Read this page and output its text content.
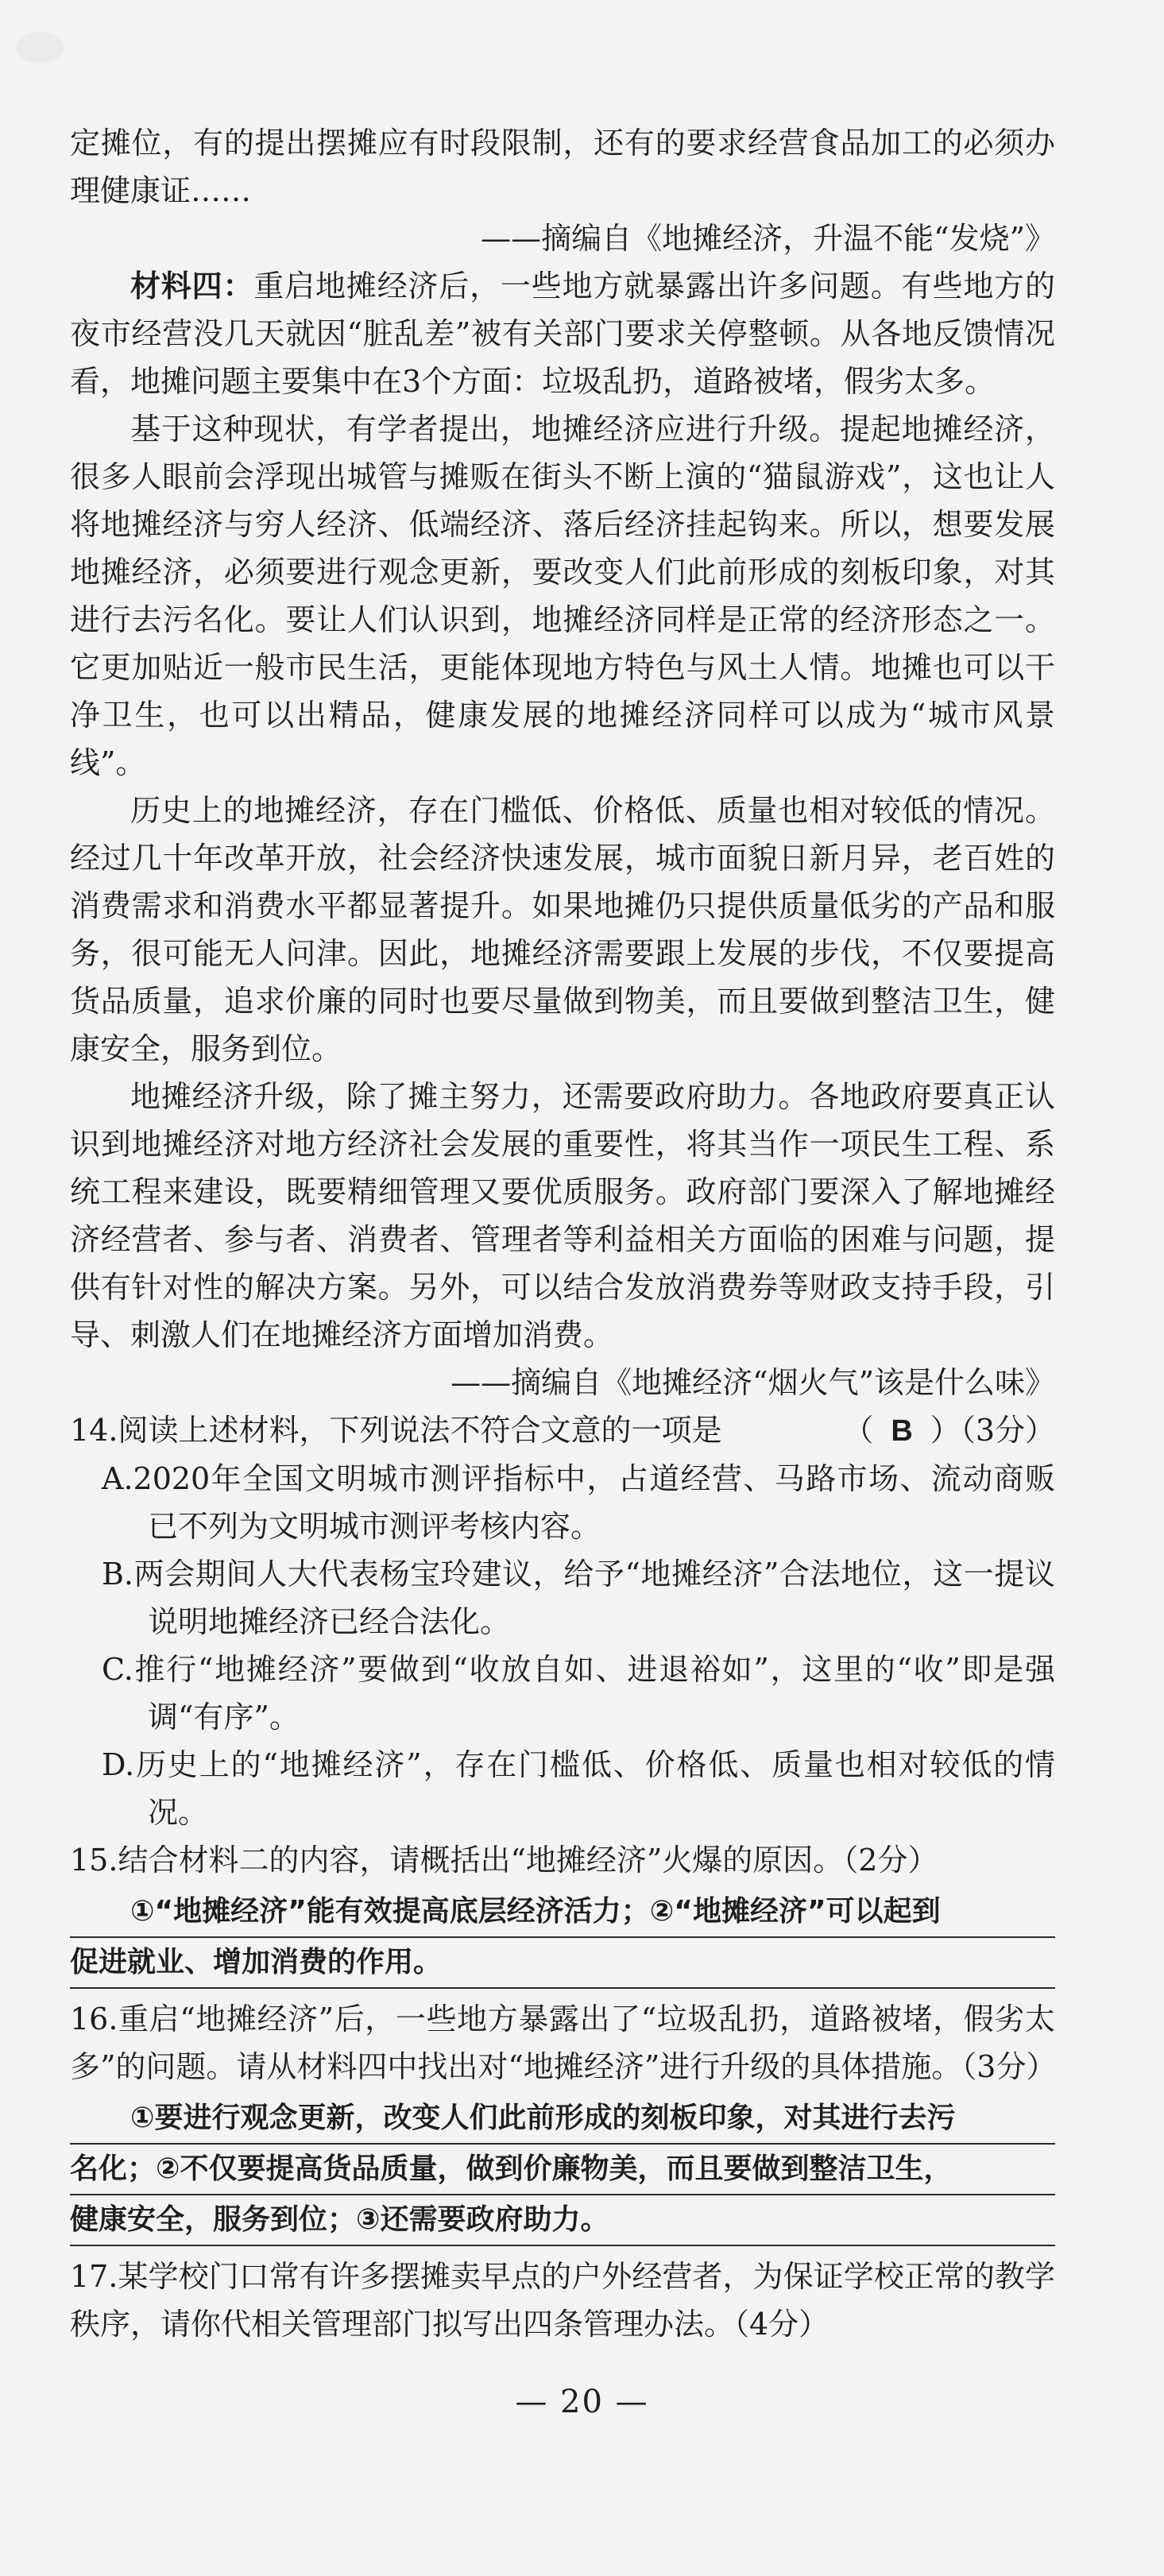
定摊位，有的提出摆摊应有时段限制，还有的要求经营食品加工的必须办理健康证……

——摘编自《地摊经济，升温不能“发烧”》

材料四：重启地摊经济后，一些地方就暴露出许多问题。有些地方的夜市经营没几天就因“脏乱差”被有关部门要求关停整顿。从各地反馈情况看，地摊问题主要集中在3个方面：垃圾乱扔，道路被堵，假劣太多。

基于这种现状，有学者提出，地摊经济应进行升级。提起地摊经济，很多人眼前会浮现出城管与摊贩在街头不断上演的“猫鼠游戏”，这也让人将地摊经济与穷人经济、低端经济、落后经济挂起钩来。所以，想要发展地摊经济，必须要进行观念更新，要改变人们此前形成的刻板印象，对其进行去污名化。要让人们认识到，地摊经济同样是正常的经济形态之一。它更加贴近一般市民生活，更能体现地方特色与风土人情。地摊也可以干净卫生，也可以出精品，健康发展的地摊经济同样可以成为“城市风景线”。

历史上的地摊经济，存在门槛低、价格低、质量也相对较低的情况。经过几十年改革开放，社会经济快速发展，城市面貌日新月异，老百姓的消费需求和消费水平都显著提升。如果地摊仍只提供质量低劣的产品和服务，很可能无人问津。因此，地摊经济需要跟上发展的步伐，不仅要提高货品质量，追求价廉的同时也要尽量做到物美，而且要做到整洁卫生，健康安全，服务到位。

地摊经济升级，除了摊主努力，还需要政府助力。各地政府要真正认识到地摊经济对地方经济社会发展的重要性，将其当作一项民生工程、系统工程来建设，既要精细管理又要优质服务。政府部门要深入了解地摊经济经营者、参与者、消费者、管理者等利益相关方面临的困难与问题，提供有针对性的解决方案。另外，可以结合发放消费券等财政支持手段，引导、刺激人们在地摊经济方面增加消费。

——摘编自《地摊经济“烟火气”该是什么味》

14.阅读上述材料，下列说法不符合文意的一项是	（ B ）（3分）

A.2020年全国文明城市测评指标中，占道经营、马路市场、流动商贩已不列为文明城市测评考核内容。

B.两会期间人大代表杨宝玲建议，给予“地摊经济”合法地位，这一提议说明地摊经济已经合法化。

C.推行“地摊经济”要做到“收放自如、进退裕如”，这里的“收”即是强调“有序”。

D.历史上的“地摊经济”，存在门槛低、价格低、质量也相对较低的情况。

15.结合材料二的内容，请概括出“地摊经济”火爆的原因。（2分）

①“地摊经济”能有效提高底层经济活力；②“地摊经济”可以起到
促进就业、增加消费的作用。

16.重启“地摊经济”后，一些地方暴露出了“垃圾乱扔，道路被堵，假劣太多”的问题。请从材料四中找出对“地摊经济”进行升级的具体措施。（3分）

①要进行观念更新，改变人们此前形成的刻板印象，对其进行去污
名化；②不仅要提高货品质量，做到价廉物美，而且要做到整洁卫生，
健康安全，服务到位；③还需要政府助力。

17.某学校门口常有许多摆摊卖早点的户外经营者，为保证学校正常的教学秩序，请你代相关管理部门拟写出四条管理办法。（4分）

— 20 —
